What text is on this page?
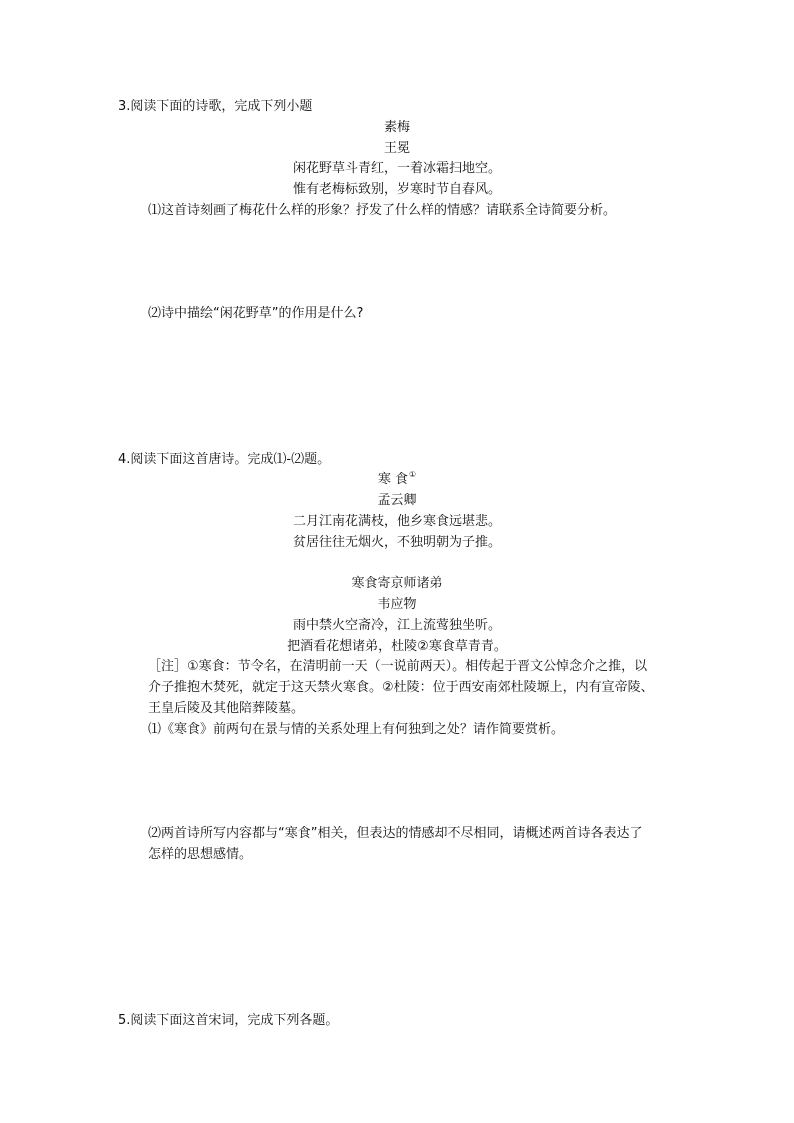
3.阅读下面的诗歌，完成下列小题

素梅

王冕

闲花野草斗青红，一着冰霜扫地空。

惟有老梅标致别，岁寒时节自春风。

⑴这首诗刻画了梅花什么样的形象？抒发了什么样的情感？请联系全诗简要分析。

⑵诗中描绘“闲花野草”的作用是什么?

4.阅读下面这首唐诗。完成⑴-⑵题。

寒 食①

孟云卿

二月江南花满枝，他乡寒食远堪悲。

贫居往往无烟火，不独明朝为子推。

寒食寄京师诸弟

韦应物

雨中禁火空斋冷，江上流莺独坐听。

把酒看花想诸弟，杜陵②寒食草青青。

［注］①寒食：节令名，在清明前一天（一说前两天）。相传起于晋文公悼念介之推，以

介子推抱木焚死，就定于这天禁火寒食。②杜陵：位于西安南郊杜陵塬上，内有宣帝陵、

王皇后陵及其他陪葬陵墓。

⑴《寒食》前两句在景与情的关系处理上有何独到之处？请作简要赏析。

⑵两首诗所写内容都与“寒食”相关，但表达的情感却不尽相同，请概述两首诗各表达了

怎样的思想感情。

5.阅读下面这首宋词，完成下列各题。
